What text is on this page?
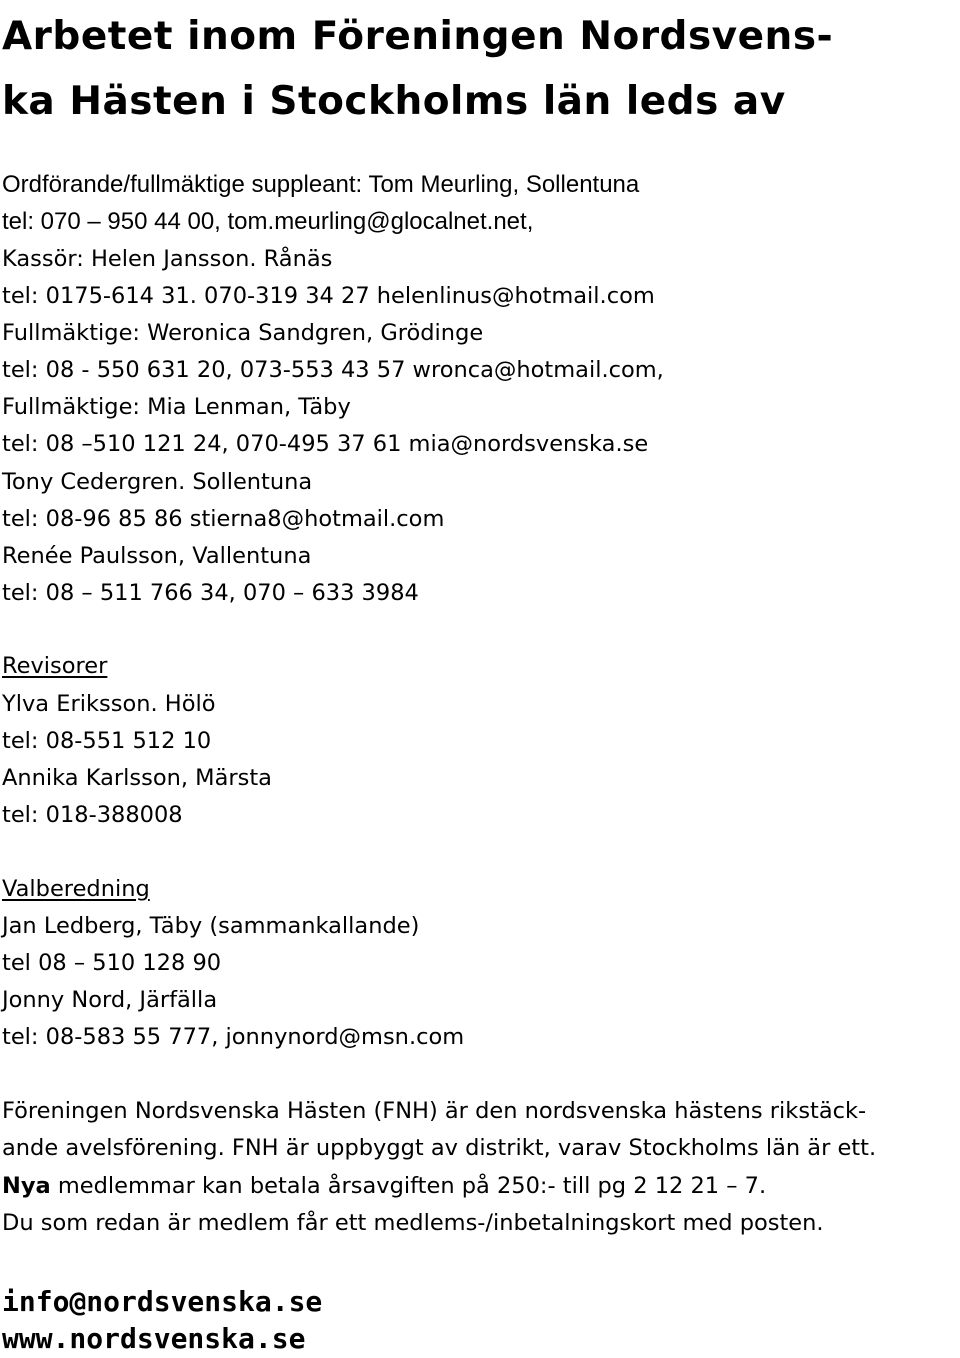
Arbetet inom Föreningen Nordsvens-
ka Hästen i Stockholms län leds av
Ordförande/fullmäktige suppleant: Tom Meurling, Sollentuna
tel: 070 – 950 44 00, tom.meurling@glocalnet.net,
Kassör: Helen Jansson. Rånäs
tel: 0175-614 31. 070-319 34 27 helenlinus@hotmail.com
Fullmäktige: Weronica Sandgren, Grödinge
tel: 08 - 550 631 20, 073-553 43 57 wronca@hotmail.com,
Fullmäktige: Mia Lenman, Täby
tel: 08 –510 121 24, 070-495 37 61 mia@nordsvenska.se
Tony Cedergren. Sollentuna
tel: 08-96 85 86 stierna8@hotmail.com
Renée Paulsson, Vallentuna
tel: 08 – 511 766 34, 070 – 633 3984
Revisorer
Ylva Eriksson. Hölö
tel: 08-551 512 10
Annika Karlsson, Märsta
tel: 018-388008
Valberedning
Jan Ledberg, Täby (sammankallande)
tel 08 – 510 128 90
Jonny Nord, Järfälla
tel: 08-583 55 777, jonnynord@msn.com
Föreningen Nordsvenska Hästen (FNH) är den nordsvenska hästens rikstäck-
ande avelsförening. FNH är uppbyggt av distrikt, varav Stockholms län är ett.
Nya medlemmar kan betala årsavgiften på 250:- till pg 2 12 21 – 7.
Du som redan är medlem får ett medlems-/inbetalningskort med posten.
info@nordsvenska.se
www.nordsvenska.se
